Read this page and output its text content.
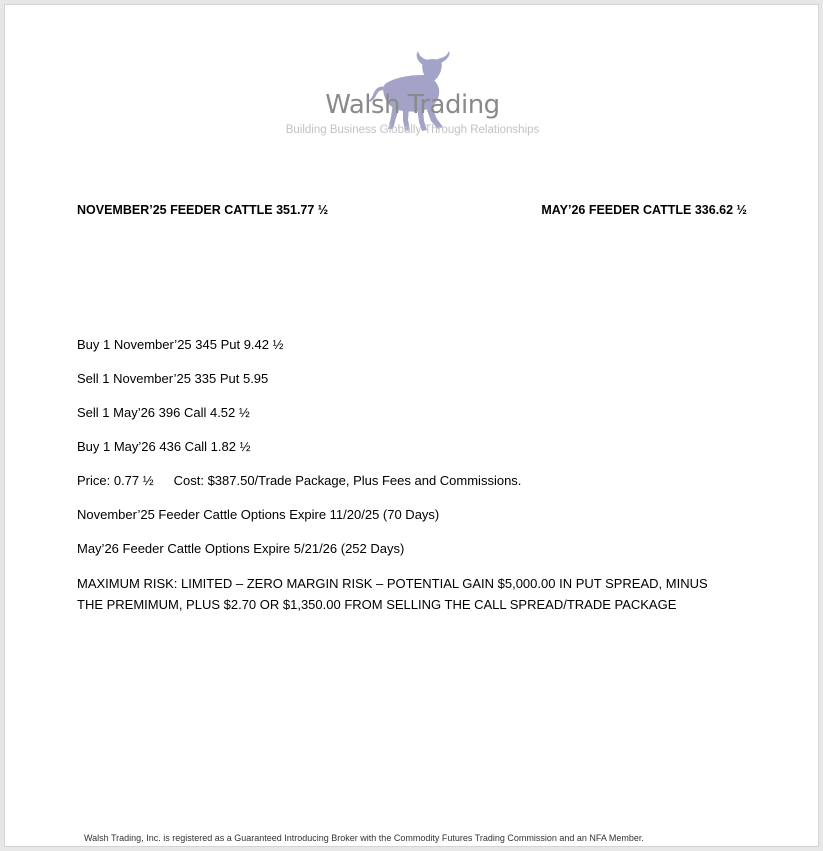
Walsh Trading
Building Business Globally Through Relationships
NOVEMBER’25 FEEDER CATTLE 351.77 ½	MAY’26 FEEDER CATTLE 336.62 ½
Buy 1 November’25 345 Put 9.42 ½
Sell 1 November’25 335 Put 5.95
Sell 1 May’26 396 Call 4.52 ½
Buy 1 May’26 436 Call 1.82 ½
Price: 0.77 ½ Cost: $387.50/Trade Package, Plus Fees and Commissions.
November’25 Feeder Cattle Options Expire 11/20/25 (70 Days)
May’26 Feeder Cattle Options Expire 5/21/26 (252 Days)
MAXIMUM RISK: LIMITED – ZERO MARGIN RISK – POTENTIAL GAIN $5,000.00 IN PUT SPREAD, MINUS THE PREMIMUM, PLUS $2.70 OR $1,350.00 FROM SELLING THE CALL SPREAD/TRADE PACKAGE
Walsh Trading, Inc. is registered as a Guaranteed Introducing Broker with the Commodity Futures Trading Commission and an NFA Member.
